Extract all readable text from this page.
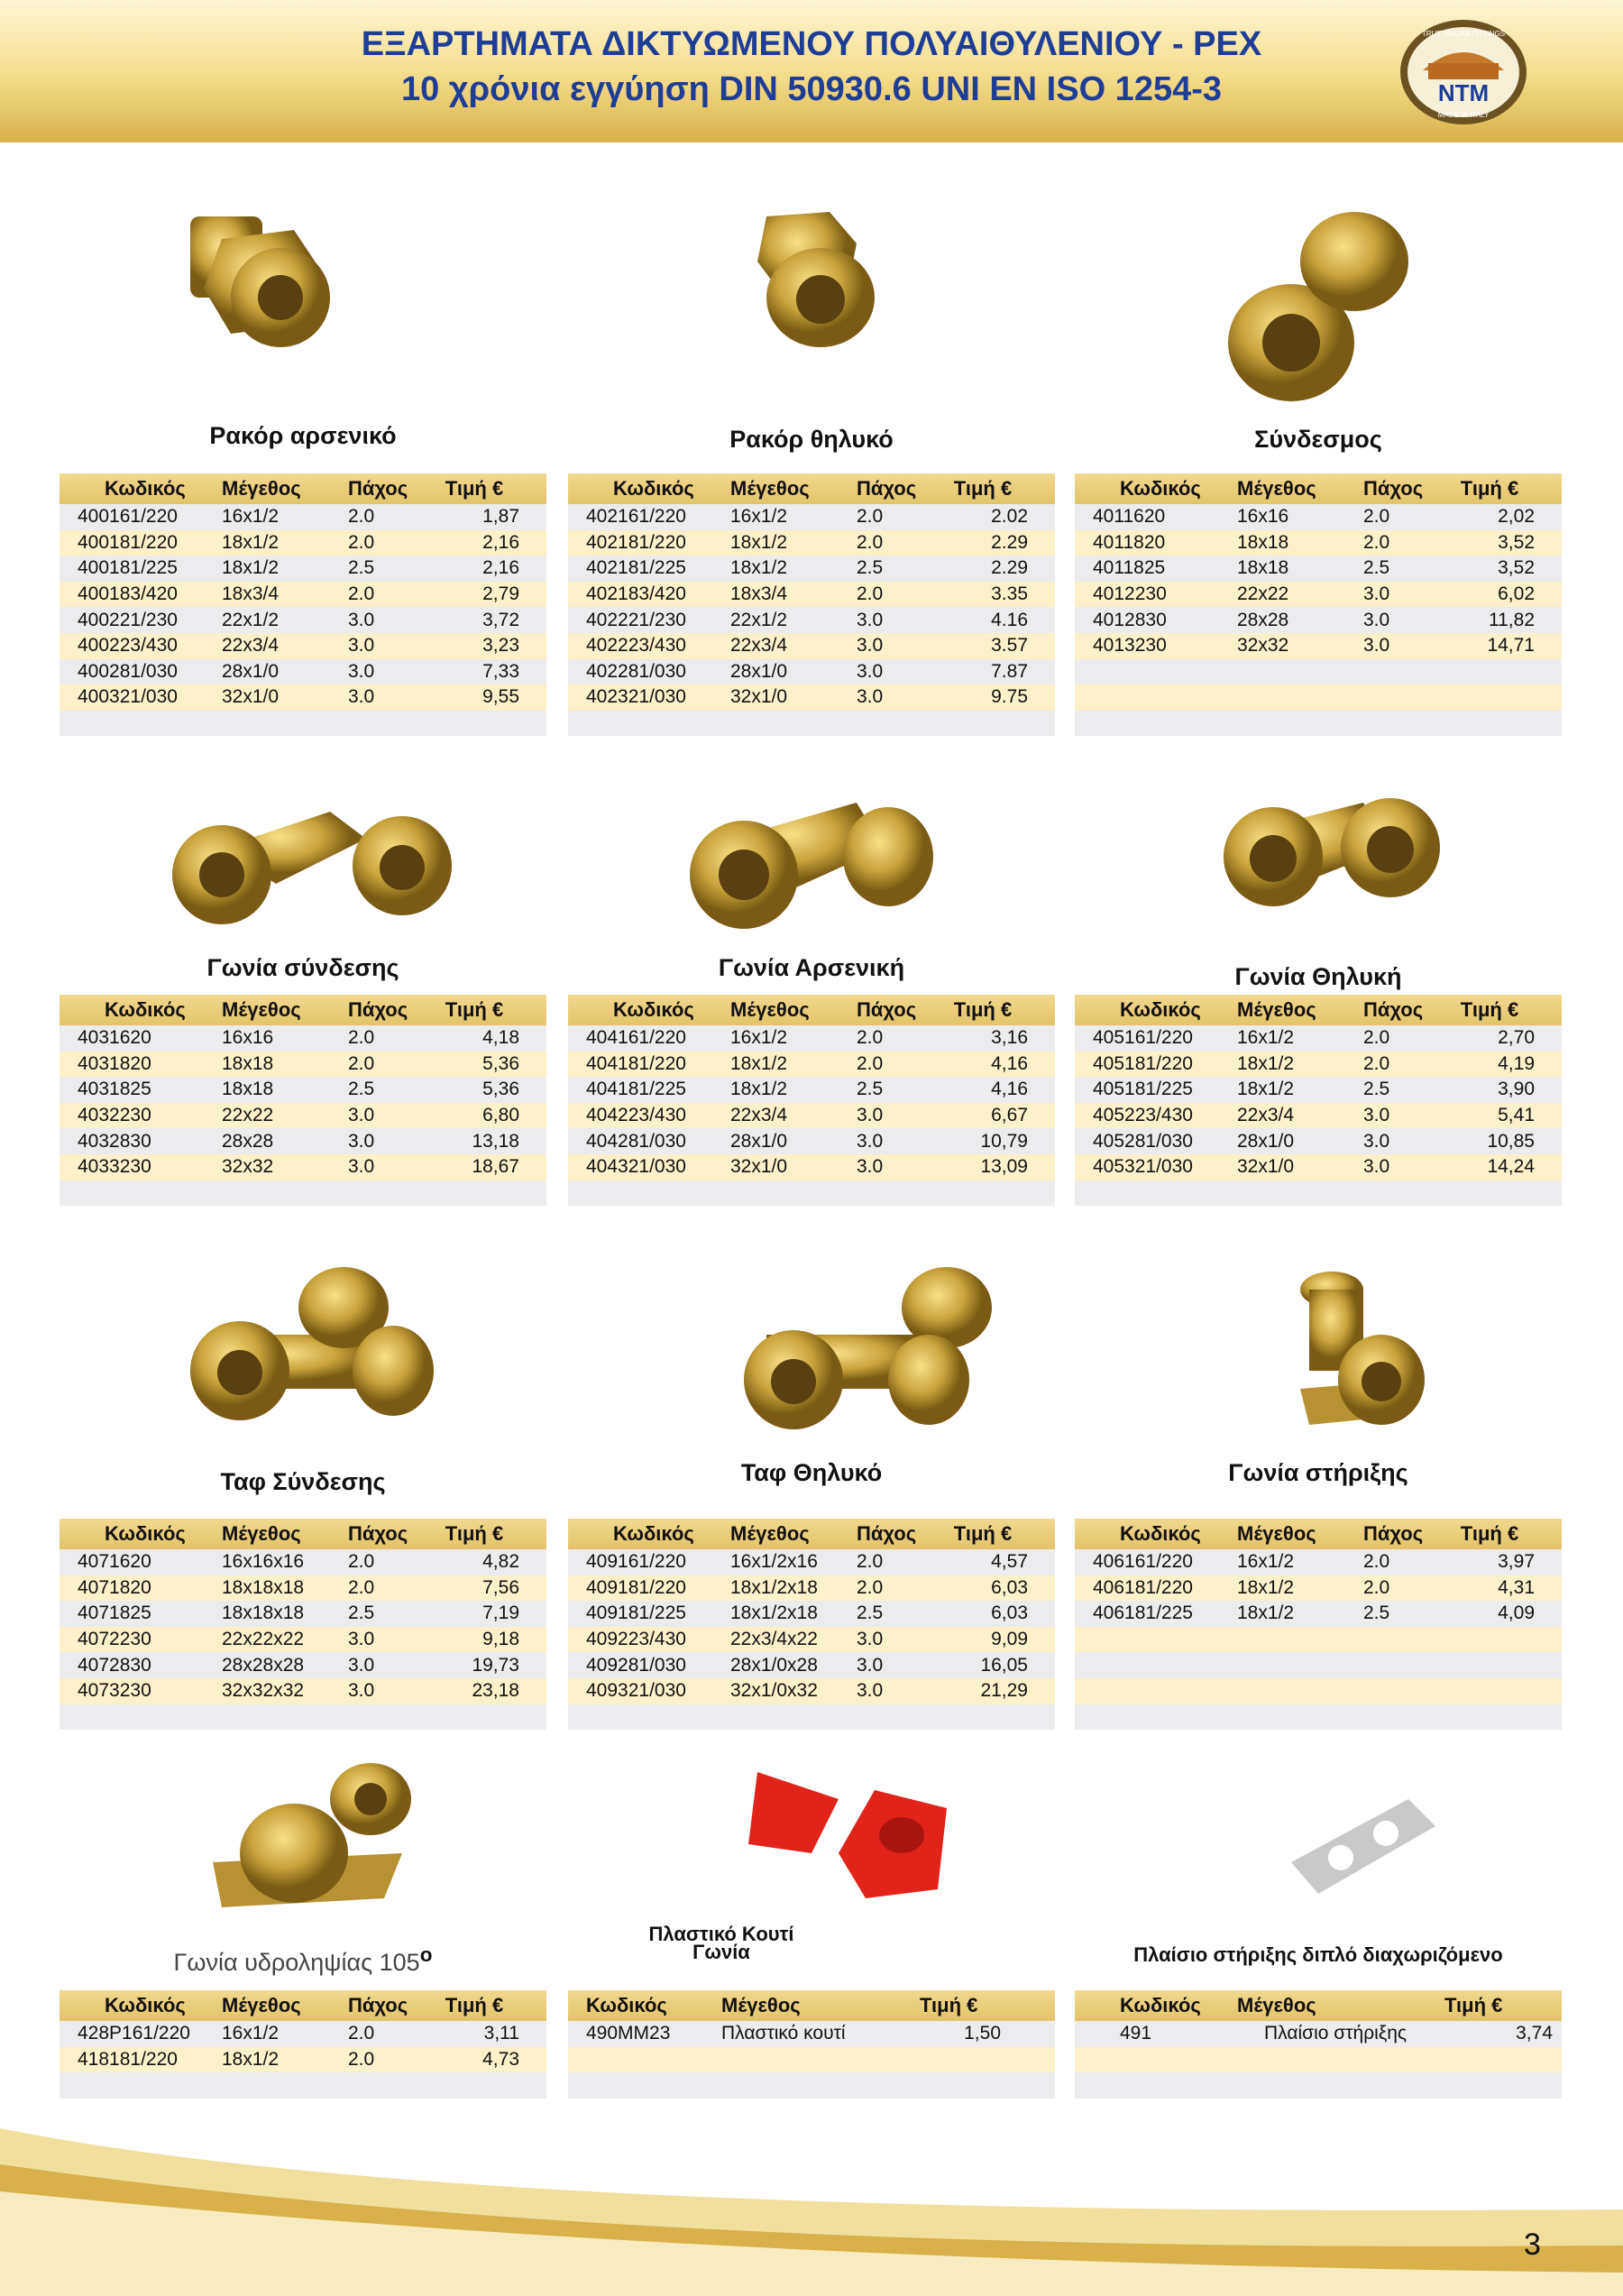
ΕΞΑΡΤΗΜΑΤΑ ΔΙΚΤΥΩΜΕΝΟΥ ΠΟΛΥΑΙΘΥΛΕΝΙΟΥ - PEX
10 χρόνια εγγύηση DIN 50930.6 UNI EN ISO 1254-3	NTM
TRUE ITALIAN FITTINGS
MADE IN ITALY
Ρακόρ αρσενικό
Κωδικός	Μέγεθος	Πάχος	Τιμή €
400161/220	16x1/2	2.0	1,87
400181/220	18x1/2	2.0	2,16
400181/225	18x1/2	2.5	2,16
400183/420	18x3/4	2.0	2,79
400221/230	22x1/2	3.0	3,72
400223/430	22x3/4	3.0	3,23
400281/030	28x1/0	3.0	7,33
400321/030	32x1/0	3.0	9,55
Ρακόρ θηλυκό
Κωδικός	Μέγεθος	Πάχος	Τιμή €
402161/220	16x1/2	2.0	2.02
402181/220	18x1/2	2.0	2.29
402181/225	18x1/2	2.5	2.29
402183/420	18x3/4	2.0	3.35
402221/230	22x1/2	3.0	4.16
402223/430	22x3/4	3.0	3.57
402281/030	28x1/0	3.0	7.87
402321/030	32x1/0	3.0	9.75
Σύνδεσμος
Κωδικός	Μέγεθος	Πάχος	Τιμή €
4011620	16x16	2.0	2,02
4011820	18x18	2.0	3,52
4011825	18x18	2.5	3,52
4012230	22x22	3.0	6,02
4012830	28x28	3.0	11,82
4013230	32x32	3.0	14,71
Γωνία σύνδεσης
Κωδικός	Μέγεθος	Πάχος	Τιμή €
4031620	16x16	2.0	4,18
4031820	18x18	2.0	5,36
4031825	18x18	2.5	5,36
4032230	22x22	3.0	6,80
4032830	28x28	3.0	13,18
4033230	32x32	3.0	18,67
Γωνία Αρσενική
Κωδικός	Μέγεθος	Πάχος	Τιμή €
404161/220	16x1/2	2.0	3,16
404181/220	18x1/2	2.0	4,16
404181/225	18x1/2	2.5	4,16
404223/430	22x3/4	3.0	6,67
404281/030	28x1/0	3.0	10,79
404321/030	32x1/0	3.0	13,09
Γωνία Θηλυκή
Κωδικός	Μέγεθος	Πάχος	Τιμή €
405161/220	16x1/2	2.0	2,70
405181/220	18x1/2	2.0	4,19
405181/225	18x1/2	2.5	3,90
405223/430	22x3/4	3.0	5,41
405281/030	28x1/0	3.0	10,85
405321/030	32x1/0	3.0	14,24
Ταφ Σύνδεσης
Κωδικός	Μέγεθος	Πάχος	Τιμή €
4071620	16x16x16	2.0	4,82
4071820	18x18x18	2.0	7,56
4071825	18x18x18	2.5	7,19
4072230	22x22x22	3.0	9,18
4072830	28x28x28	3.0	19,73
4073230	32x32x32	3.0	23,18
Ταφ Θηλυκό
Κωδικός	Μέγεθος	Πάχος	Τιμή €
409161/220	16x1/2x16	2.0	4,57
409181/220	18x1/2x18	2.0	6,03
409181/225	18x1/2x18	2.5	6,03
409223/430	22x3/4x22	3.0	9,09
409281/030	28x1/0x28	3.0	16,05
409321/030	32x1/0x32	3.0	21,29
Γωνία στήριξης
Κωδικός	Μέγεθος	Πάχος	Τιμή €
406161/220	16x1/2	2.0	3,97
406181/220	18x1/2	2.0	4,31
406181/225	18x1/2	2.5	4,09
Γωνία υδροληψίας $105^o$
Κωδικός	Μέγεθος	Πάχος	Τιμή €
428P161/220	16x1/2	2.0	3,11
418181/220	18x1/2	2.0	4,73
Πλαστικό Κουτί
Γωνία
Κωδικός	Μέγεθος	Τιμή €
490MM23	Πλαστικό κουτί	1,50
Πλαίσιο στήριξης διπλό διαχωριζόμενο
Κωδικός	Μέγεθος	Τιμή €
491	Πλαίσιο στήριξης	3,74
3
